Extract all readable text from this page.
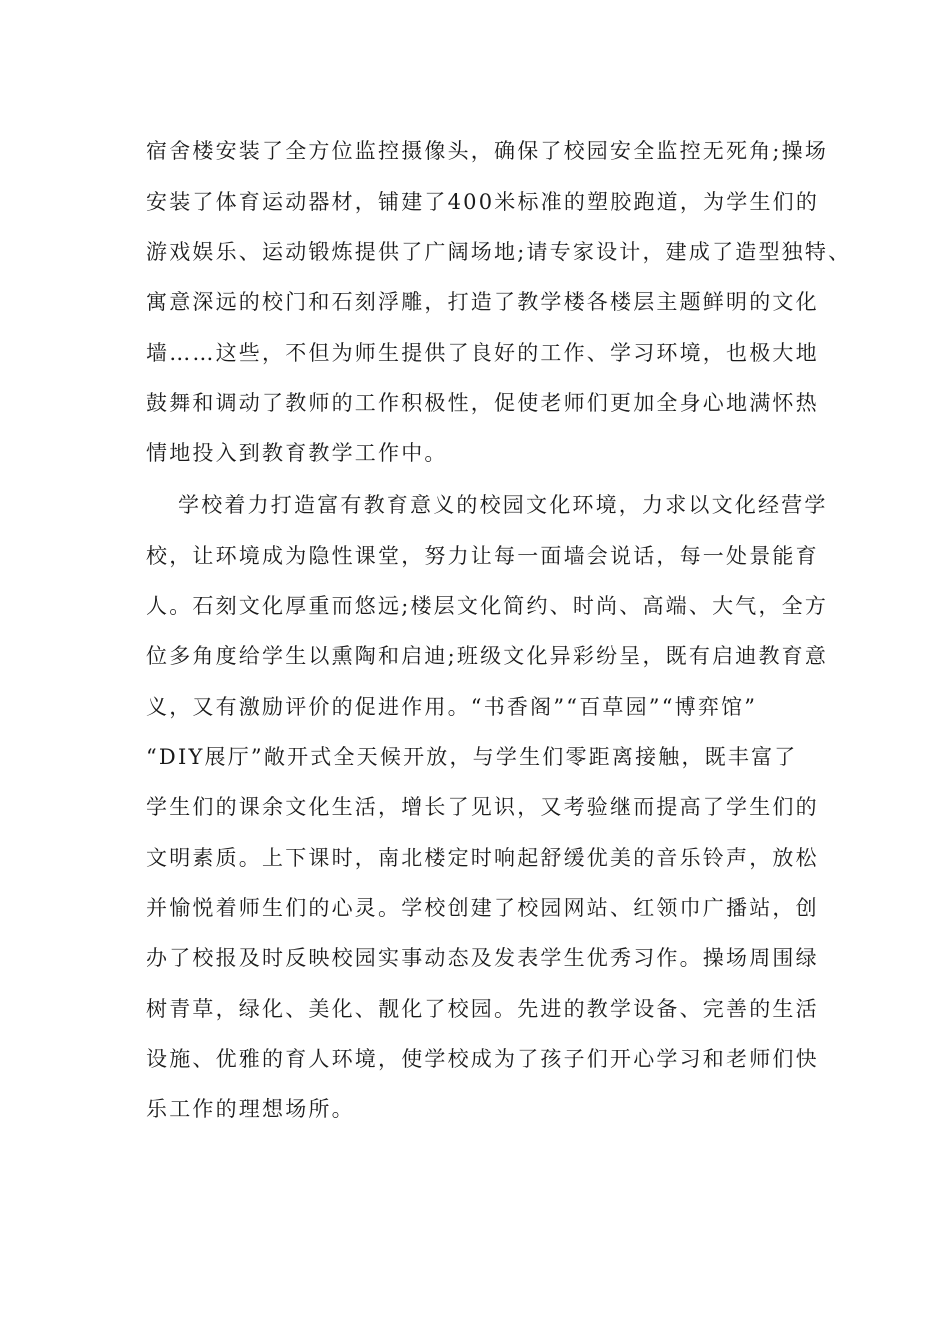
宿舍楼安装了全方位监控摄像头，确保了校园安全监控无死角;操场

安装了体育运动器材，铺建了400米标准的塑胶跑道，为学生们的

游戏娱乐、运动锻炼提供了广阔场地;请专家设计，建成了造型独特、

寓意深远的校门和石刻浮雕，打造了教学楼各楼层主题鲜明的文化

墙……这些，不但为师生提供了良好的工作、学习环境，也极大地

鼓舞和调动了教师的工作积极性，促使老师们更加全身心地满怀热

情地投入到教育教学工作中。

学校着力打造富有教育意义的校园文化环境，力求以文化经营学

校，让环境成为隐性课堂，努力让每一面墙会说话，每一处景能育

人。石刻文化厚重而悠远;楼层文化简约、时尚、高端、大气，全方

位多角度给学生以熏陶和启迪;班级文化异彩纷呈，既有启迪教育意

义，又有激励评价的促进作用。“书香阁”“百草园”“博弈馆”

“DIY展厅”敞开式全天候开放，与学生们零距离接触，既丰富了

学生们的课余文化生活，增长了见识，又考验继而提高了学生们的

文明素质。上下课时，南北楼定时响起舒缓优美的音乐铃声，放松

并愉悦着师生们的心灵。学校创建了校园网站、红领巾广播站，创

办了校报及时反映校园实事动态及发表学生优秀习作。操场周围绿

树青草，绿化、美化、靓化了校园。先进的教学设备、完善的生活

设施、优雅的育人环境，使学校成为了孩子们开心学习和老师们快

乐工作的理想场所。
